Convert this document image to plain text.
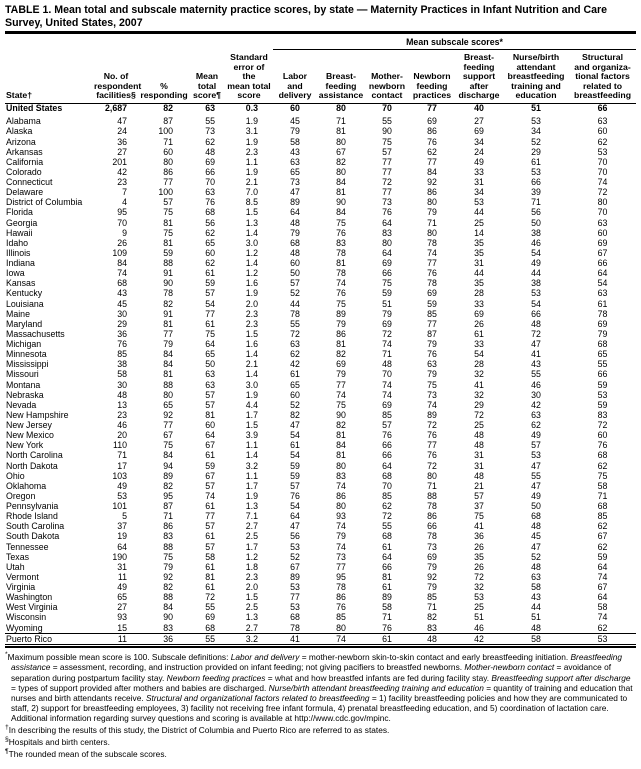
TABLE 1. Mean total and subscale maternity practice scores, by state — Maternity Practices in Infant Nutrition and Care Survey, United States, 2007
					Mean subscale scores*						
State†	No. of
respondent
facilities§	%
responding	Mean
total
score¶	Standard
error of the
mean total
score	Labor
and
delivery	Breast-
feeding
assistance	Mother-
newborn
contact	Newborn
feeding
practices	Breast-
feeding
support
after
discharge	Nurse/birth
attendant
breastfeeding
training and
education	Structural
and organiza-
tional factors
related to
breastfeeding
United States	2,687	82	63	0.3	60	80	70	77	40	51	66
Alabama	47	87	55	1.9	45	71	55	69	27	53	63
Alaska	24	100	73	3.1	79	81	90	86	69	34	60
Arizona	36	71	62	1.9	58	80	75	76	34	52	62
Arkansas	27	60	48	2.3	43	67	57	62	24	29	53
California	201	80	69	1.1	63	82	77	77	49	61	70
Colorado	42	86	66	1.9	65	80	77	84	33	53	70
Connecticut	23	77	70	2.1	73	84	72	92	31	66	74
Delaware	7	100	63	7.0	47	81	77	86	34	39	72
District of Columbia	4	57	76	8.5	89	90	73	80	53	71	80
Florida	95	75	68	1.5	64	84	76	79	44	56	70
Georgia	70	81	56	1.3	48	75	64	71	25	50	63
Hawaii	9	75	62	1.4	79	76	83	80	14	38	60
Idaho	26	81	65	3.0	68	83	80	78	35	46	69
Illinois	109	59	60	1.2	48	78	64	74	35	54	67
Indiana	84	88	62	1.4	60	81	69	77	31	49	66
Iowa	74	91	61	1.2	50	78	66	76	44	44	64
Kansas	68	90	59	1.6	57	74	75	78	35	38	54
Kentucky	43	78	57	1.9	52	76	59	69	28	53	63
Louisiana	45	82	54	2.0	44	75	51	59	33	54	61
Maine	30	91	77	2.3	78	89	79	85	69	66	78
Maryland	29	81	61	2.3	55	79	69	77	26	48	69
Massachusetts	36	77	75	1.5	72	86	72	87	61	72	79
Michigan	76	79	64	1.6	63	81	74	79	33	47	68
Minnesota	85	84	65	1.4	62	82	71	76	54	41	65
Mississippi	38	84	50	2.1	42	69	48	63	28	43	55
Missouri	58	81	63	1.4	61	79	70	79	32	55	66
Montana	30	88	63	3.0	65	77	74	75	41	46	59
Nebraska	48	80	57	1.9	60	74	74	73	32	30	53
Nevada	13	65	57	4.4	52	75	69	74	29	42	59
New Hampshire	23	92	81	1.7	82	90	85	89	72	63	83
New Jersey	46	77	60	1.5	47	82	57	72	25	62	72
New Mexico	20	67	64	3.9	54	81	76	76	48	49	60
New York	110	75	67	1.1	61	84	66	77	48	57	76
North Carolina	71	84	61	1.4	54	81	66	76	31	53	68
North Dakota	17	94	59	3.2	59	80	64	72	31	47	62
Ohio	103	89	67	1.1	59	83	68	80	48	55	75
Oklahoma	49	82	57	1.7	57	74	70	71	21	47	58
Oregon	53	95	74	1.9	76	86	85	88	57	49	71
Pennsylvania	101	87	61	1.3	54	80	62	78	37	50	68
Rhode Island	5	71	77	7.1	64	93	72	86	75	68	85
South Carolina	37	86	57	2.7	47	74	55	66	41	48	62
South Dakota	19	83	61	2.5	56	79	68	78	36	45	67
Tennessee	64	88	57	1.7	53	74	61	73	26	47	62
Texas	190	75	58	1.2	52	73	64	69	35	52	59
Utah	31	79	61	1.8	67	77	66	79	26	48	64
Vermont	11	92	81	2.3	89	95	81	92	72	63	74
Virginia	49	82	61	2.0	53	78	61	79	32	58	67
Washington	65	88	72	1.5	77	86	89	85	53	43	64
West Virginia	27	84	55	2.5	53	76	58	71	25	44	58
Wisconsin	93	90	69	1.3	68	85	71	82	51	51	74
Wyoming	15	83	68	2.7	78	80	76	83	46	48	62
Puerto Rico	11	36	55	3.2	41	74	61	48	42	58	53
*Maximum possible mean score is 100. Subscale definitions: Labor and delivery = mother-newborn skin-to-skin contact and early breastfeeding initiation. Breastfeeding assistance = assessment, recording, and instruction provided on infant feeding; not giving pacifiers to breastfed newborns. Mother-newborn contact = avoidance of separation during postpartum facility stay. Newborn feeding practices = what and how breastfed infants are fed during facility stay. Breastfeeding support after discharge = types of support provided after mothers and babies are discharged. Nurse/birth attendant breastfeeding training and education = quantity of training and education that nurses and birth attendants receive. Structural and organizational factors related to breastfeeding = 1) facility breastfeeding policies and how they are communicated to staff, 2) support for breastfeeding employees, 3) facility not receiving free infant formula, 4) prenatal breastfeeding education, and 5) coordination of lactation care. Additional information regarding survey questions and scoring is available at http://www.cdc.gov/mpinc.
†In describing the results of this study, the District of Columbia and Puerto Rico are referred to as states.
§Hospitals and birth centers.
¶The rounded mean of the subscale scores.
